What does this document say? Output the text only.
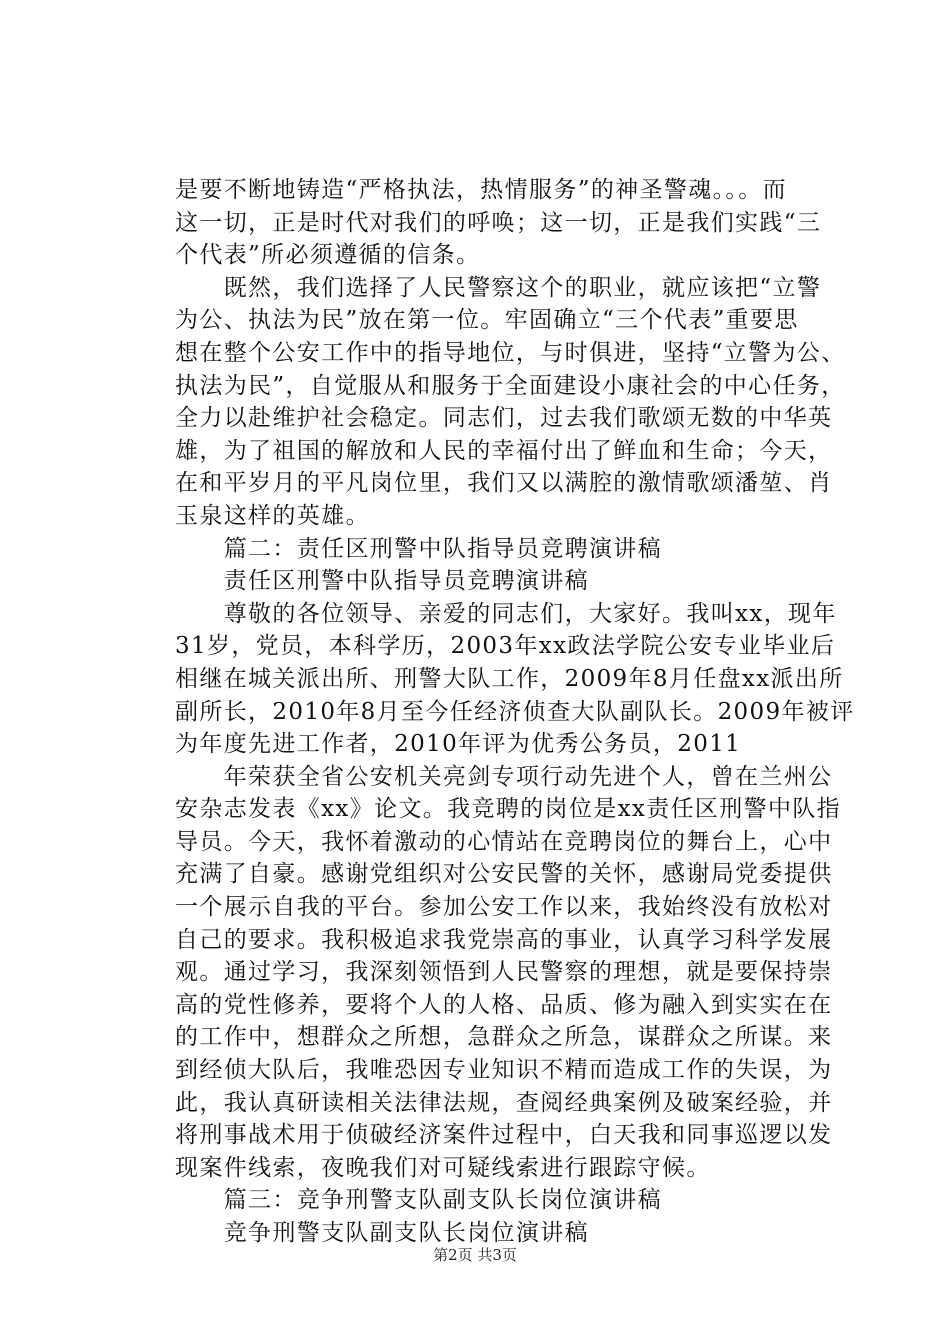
是要不断地铸造“严格执法，热情服务”的神圣警魂。。。而
这一切，正是时代对我们的呼唤；这一切，正是我们实践“三
个代表”所必须遵循的信条。
　　既然，我们选择了人民警察这个的职业，就应该把“立警
为公、执法为民”放在第一位。牢固确立“三个代表”重要思
想在整个公安工作中的指导地位，与时俱进，坚持“立警为公、
执法为民”，自觉服从和服务于全面建设小康社会的中心任务，
全力以赴维护社会稳定。同志们，过去我们歌颂无数的中华英
雄，为了祖国的解放和人民的幸福付出了鲜血和生命；今天，
在和平岁月的平凡岗位里，我们又以满腔的激情歌颂潘堃、肖
玉泉这样的英雄。
　　篇二：责任区刑警中队指导员竞聘演讲稿
　　责任区刑警中队指导员竞聘演讲稿
　　尊敬的各位领导、亲爱的同志们，大家好。我叫xx，现年
31岁，党员，本科学历，2003年xx政法学院公安专业毕业后
相继在城关派出所、刑警大队工作，2009年8月任盘xx派出所
副所长，2010年8月至今任经济侦查大队副队长。2009年被评
为年度先进工作者，2010年评为优秀公务员，2011
　　年荣获全省公安机关亮剑专项行动先进个人，曾在兰州公
安杂志发表《xx》论文。我竞聘的岗位是xx责任区刑警中队指
导员。今天，我怀着激动的心情站在竞聘岗位的舞台上，心中
充满了自豪。感谢党组织对公安民警的关怀，感谢局党委提供
一个展示自我的平台。参加公安工作以来，我始终没有放松对
自己的要求。我积极追求我党崇高的事业，认真学习科学发展
观。通过学习，我深刻领悟到人民警察的理想，就是要保持崇
高的党性修养，要将个人的人格、品质、修为融入到实实在在
的工作中，想群众之所想，急群众之所急，谋群众之所谋。来
到经侦大队后，我唯恐因专业知识不精而造成工作的失误，为
此，我认真研读相关法律法规，查阅经典案例及破案经验，并
将刑事战术用于侦破经济案件过程中，白天我和同事巡逻以发
现案件线索，夜晚我们对可疑线索进行跟踪守候。
　　篇三：竞争刑警支队副支队长岗位演讲稿
　　竞争刑警支队副支队长岗位演讲稿
第2页 共3页
